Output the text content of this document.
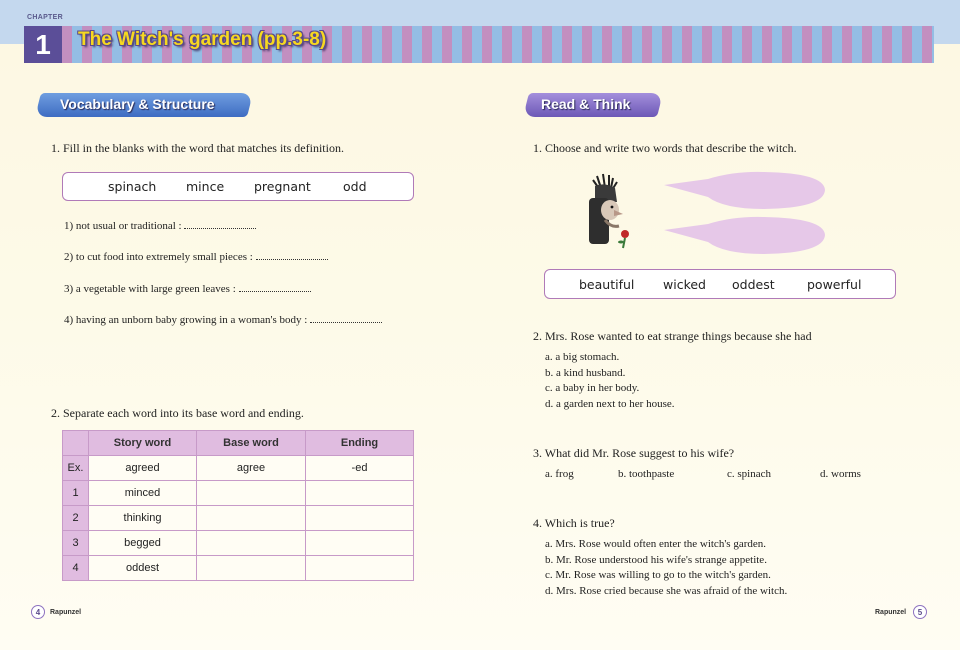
CHAPTER
1	The Witch's garden (pp.3-8)
Vocabulary & Structure
1. Fill in the blanks with the word that matches its definition.
spinach mince pregnant	odd
1) not usual or traditional :
2) to cut food into extremely small pieces :
3) a vegetable with large green leaves :
4) having an unborn baby growing in a woman's body :
2. Separate each word into its base word and ending.
	Story word	Base word	Ending
Ex.	agreed	agree	-ed
1	minced		
2	thinking		
3	begged		
4	oddest		
4	Rapunzel
Read & Think
1. Choose and write two words that describe the witch.
beautiful wicked oddest	powerful
2. Mrs. Rose wanted to eat strange things because she had
a. a big stomach.
b. a kind husband.
c. a baby in her body.
d. a garden next to her house.
3. What did Mr. Rose suggest to his wife?
a. frog	b. toothpaste	c. spinach	d. worms
4. Which is true?
a. Mrs. Rose would often enter the witch's garden.
b. Mr. Rose understood his wife's strange appetite.
c. Mr. Rose was willing to go to the witch's garden.
d. Mrs. Rose cried because she was afraid of the witch.
Rapunzel	5
